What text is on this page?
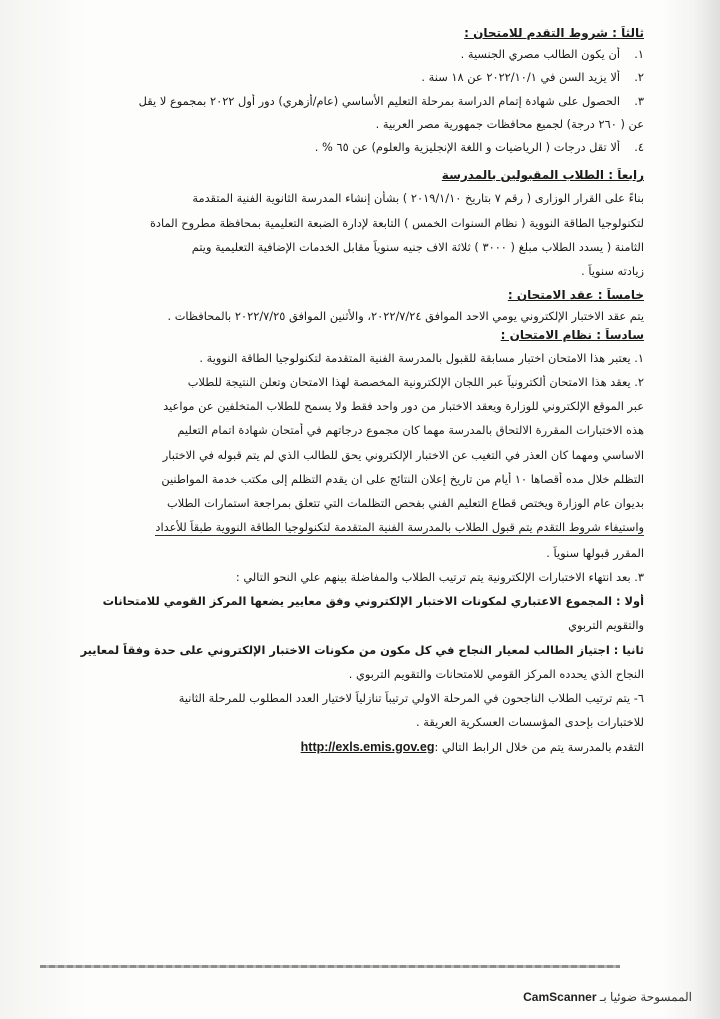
ثالثاً : شروط التقدم للامتحان :

١.أن يكون الطالب مصري الجنسية .

٢.ألا يزيد السن في ٢٠٢٢/١٠/١ عن ١٨ سنة .

٣.الحصول على شهادة إتمام الدراسة بمرحلة التعليم الأساسي (عام/أزهري) دور أول ٢٠٢٢ بمجموع لا يقل

عن ( ٢٦٠ درجة) لجميع محافظات جمهورية مصر العربية .

٤.ألا تقل درجات ( الرياضيات و اللغة الإنجليزية والعلوم) عن ٦٥ % .

رابعاً : الطلاب المقبولين بالمدرسة

بناءً على القرار الوزارى ( رقم ٧ بتاريخ ٢٠١٩/١/١٠ ) بشأن إنشاء المدرسة الثانوية الفنية المتقدمة

لتكنولوجيا الطاقة النووية ( نظام السنوات الخمس ) التابعة لإدارة الضبعة التعليمية بمحافظة مطروح المادة

الثامنة ( يسدد الطلاب مبلغ ( ٣٠٠٠ ) ثلاثة الاف جنيه سنوياً مقابل الخدمات الإضافية التعليمية ويتم

زيادته سنوياً .

خامساً : عقد الامتحان :

يتم عقد الاختبار الإلكتروني يومي الاحد الموافق ٢٠٢٢/٧/٢٤، والأثنين الموافق ٢٠٢٢/٧/٢٥ بالمحافظات .

سادساً : نظام الامتحان :

١. يعتبر هذا الامتحان اختبار مسابقة للقبول بالمدرسة الفنية المتقدمة لتكنولوجيا الطاقة النووية .

٢. يعقد هذا الامتحان ألكترونياً عبر اللجان الإلكترونية المخصصة لهذا الامتحان وتعلن النتيجة للطلاب

عبر الموقع الإلكتروني للوزارة ويعقد الاختبار من دور واحد فقط ولا يسمح للطلاب المتخلفين عن مواعيد

هذه الاختبارات المقررة الالتحاق بالمدرسة مهما كان مجموع درجاتهم في أمتحان شهادة اتمام التعليم

الاساسي ومهما كان العذر في التغيب عن الاختبار الإلكتروني يحق للطالب الذي لم يتم قبوله في الاختبار

التظلم خلال مده أقصاها ١٠ أيام من تاريخ إعلان النتائج على ان يقدم التظلم إلى مكتب خدمة المواطنين

بديوان عام الوزارة ويختص قطاع التعليم الفني بفحص التظلمات التي تتعلق بمراجعة استمارات الطلاب

واستيفاء شروط التقدم يتم قبول الطلاب بالمدرسة الفنية المتقدمة لتكنولوجيا الطاقة النووية طبقاً للأعداد

المقرر قبولها سنوياً .

٣. بعد انتهاء الاختبارات الإلكترونية يتم ترتيب الطلاب والمفاضلة بينهم علي النحو التالي :

أولا : المجموع الاعتباري لمكونات الاختبار الإلكتروني وفق معايير يضعها المركز القومي للامتحانات

والتقويم التربوي

ثانيا : اجتياز الطالب لمعيار النجاح في كل مكون من مكونات الاختبار الإلكتروني على حدة وفقاً لمعايير

النجاح الذي يحدده المركز القومي للامتحانات والتقويم التربوي .

٦- يتم ترتيب الطلاب الناجحون في المرحلة الاولي ترتيباً تنازلياً لاختيار العدد المطلوب للمرحلة الثانية

للاختبارات بإحدى المؤسسات العسكرية العريقة .

التقدم بالمدرسة يتم من خلال الرابط التالي :http://exls.emis.gov.eg

CamScanner الممسوحة ضوئيا بـ
